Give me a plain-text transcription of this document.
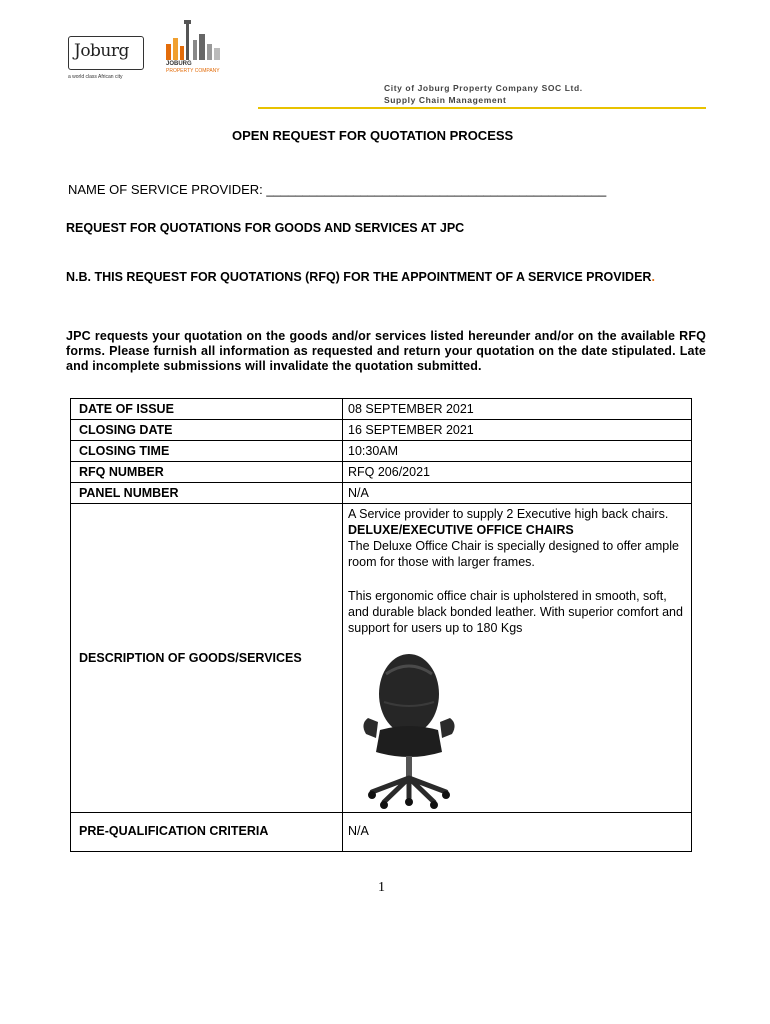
Joburg
a world class African city
JOBURG
PROPERTY COMPANY
City of Joburg Property Company SOC Ltd.
Supply Chain Management
OPEN REQUEST FOR QUOTATION PROCESS
NAME OF SERVICE PROVIDER: _______________________________________________
REQUEST FOR QUOTATIONS FOR GOODS AND SERVICES AT JPC
N.B. THIS REQUEST FOR QUOTATIONS (RFQ) FOR THE APPOINTMENT OF A SERVICE PROVIDER.
JPC requests your quotation on the goods and/or services listed hereunder and/or on the available RFQ forms. Please furnish all information as requested and return your quotation on the date stipulated. Late and incomplete submissions will invalidate the quotation submitted.
DATE OF ISSUE	08 SEPTEMBER 2021
CLOSING DATE	16 SEPTEMBER 2021
CLOSING TIME	10:30AM
RFQ NUMBER	RFQ 206/2021
PANEL NUMBER	N/A
DESCRIPTION OF GOODS/SERVICES	A Service provider to supply 2 Executive high back chairs.
DELUXE/EXECUTIVE OFFICE CHAIRS
The Deluxe Office Chair is specially designed to offer ample room for those with larger frames.
This ergonomic office chair is upholstered in smooth, soft, and durable black bonded leather. With superior comfort and support for users up to 180 Kgs

PRE-QUALIFICATION CRITERIA	N/A
1
